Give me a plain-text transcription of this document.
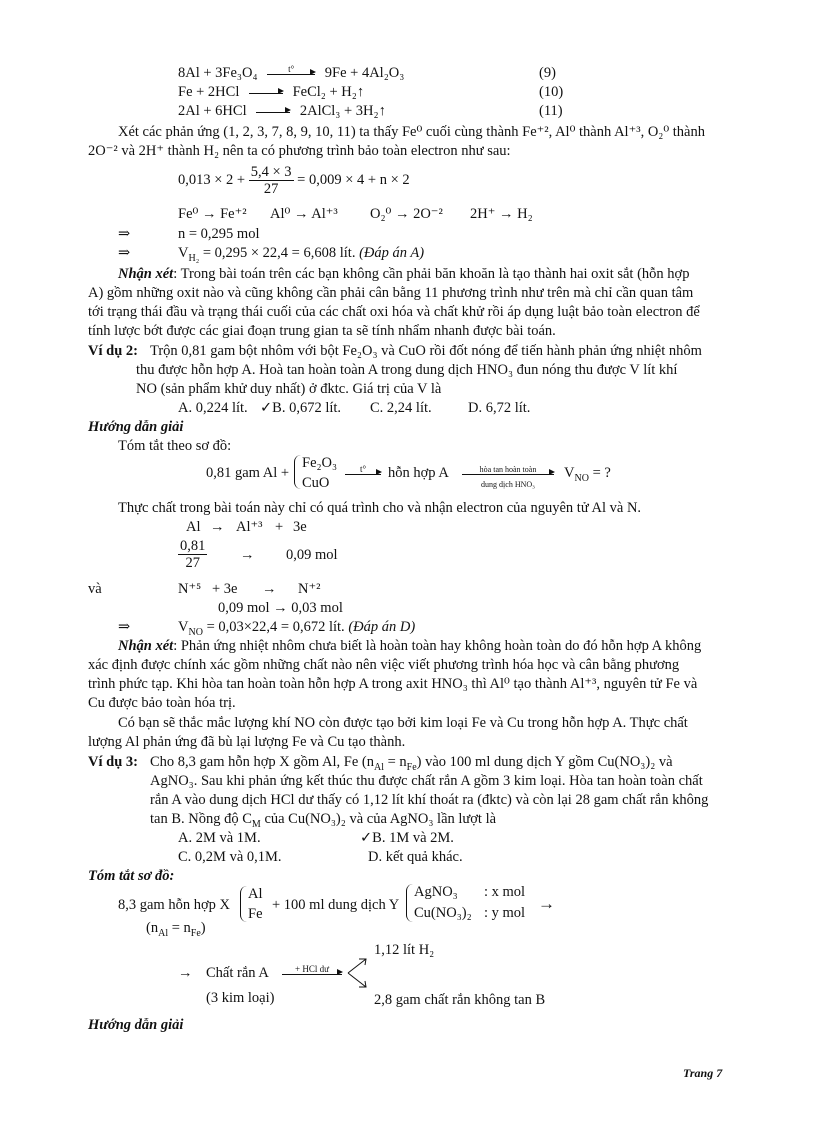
8Al + 3Fe₃O₄	t°	9Fe + 4Al₂O₃	(9)
Fe + 2HCl	FeCl₂ + H₂↑	(10)
2Al + 6HCl	2AlCl₃ + 3H₂↑	(11)
Xét các phản ứng (1, 2, 3, 7, 8, 9, 10, 11) ta thấy Fe⁰ cuối cùng thành Fe⁺², Al⁰ thành Al⁺³, O₂⁰ thành
2O⁻² và 2H⁺ thành H₂ nên ta có phương trình bảo toàn electron như sau:
$0,013 \times 2 + \frac{5,4 \times 3}{27} = 0,009 \times 4 + n \times 2$
Fe⁰ → Fe⁺² Al⁰ → Al⁺³ O₂⁰ → 2O⁻² 2H⁺ → H₂
⇒	n = 0,295 mol
⇒	$V_{H_2} = 0,295 \times 22,4 = 6,608$ lít. (Đáp án A)
Nhận xét: Trong bài toán trên các bạn không cần phải băn khoăn là tạo thành hai oxit sắt (hỗn hợp
A) gồm những oxit nào và cũng không cần phải cân bằng 11 phương trình như trên mà chỉ cần quan tâm
tới trạng thái đầu và trạng thái cuối của các chất oxi hóa và chất khử rồi áp dụng luật bảo toàn electron để
tính lược bớt được các giai đoạn trung gian ta sẽ tính nhẩm nhanh được bài toán.
Ví dụ 2: Trộn 0,81 gam bột nhôm với bột Fe₂O₃ và CuO rồi đốt nóng để tiến hành phản ứng nhiệt nhôm
thu được hỗn hợp A. Hoà tan hoàn toàn A trong dung dịch HNO₃ đun nóng thu được V lít khí
NO (sản phẩm khử duy nhất) ở đktc. Giá trị của V là
A. 0,224 lít. ✓B. 0,672 lít. C. 2,24 lít.	D. 6,72 lít.
Hướng dẫn giải
Tóm tắt theo sơ đồ:
0,81 gam Al +
Fe₂O₃
CuO
t°	hỗn hợp A	hòa tan hoàn toàn
dung dịch HNO₃
$V_{NO}$ = ?
Thực chất trong bài toán này chỉ có quá trình cho và nhận electron của nguyên tử Al và N.
Al → Al⁺³ + 3e
$\frac{0,81}{27} \to 0,09$ mol
và	N⁺⁵ + 3e → N⁺²
0,09 mol → 0,03 mol
⇒	$V_{NO} = 0,03\times 22,4 = 0,672$ lít. (Đáp án D)
Nhận xét: Phản ứng nhiệt nhôm chưa biết là hoàn toàn hay không hoàn toàn do đó hỗn hợp A không
xác định được chính xác gồm những chất nào nên việc viết phương trình hóa học và cân bằng phương
trình phức tạp. Khi hòa tan hoàn toàn hỗn hợp A trong axit HNO₃ thì Al⁰ tạo thành Al⁺³, nguyên tử Fe và
Cu được bảo toàn hóa trị.
Có bạn sẽ thắc mắc lượng khí NO còn được tạo bởi kim loại Fe và Cu trong hỗn hợp A. Thực chất
lượng Al phản ứng đã bù lại lượng Fe và Cu tạo thành.
Ví dụ 3: Cho 8,3 gam hỗn hợp X gồm Al, Fe $(n_{Al} = n_{Fe})$ vào 100 ml dung dịch Y gồm Cu(NO₃)₂ và
AgNO₃. Sau khi phản ứng kết thúc thu được chất rắn A gồm 3 kim loại. Hòa tan hoàn toàn chất
rắn A vào dung dịch HCl dư thấy có 1,12 lít khí thoát ra (đktc) và còn lại 28 gam chất rắn không
tan B. Nồng độ $C_M$ của Cu(NO₃)₂ và của AgNO₃ lần lượt là
A. 2M và 1M.	✓B. 1M và 2M.
C. 0,2M và 0,1M.	D. kết quả khác.
Tóm tắt sơ đồ:
8,3 gam hỗn hợp X
Al
Fe
+ 100 ml dung dịch Y
AgNO₃ : x mol
Cu(NO₃)₂ : y mol →
$(n_{Al} = n_{Fe})$
1,12 lít H₂
→ Chất rắn A	+ HCl dư
(3 kim loại)	2,8 gam chất rắn không tan B
Hướng dẫn giải
Trang 7
